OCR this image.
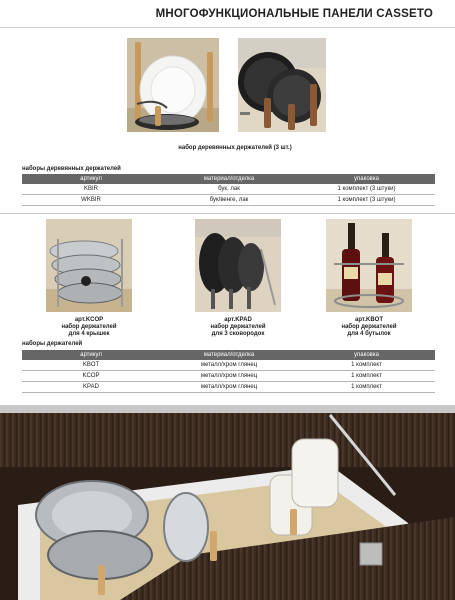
МНОГОФУНКЦИОНАЛЬНЫЕ ПАНЕЛИ CASSETO
набор деревянных держателей (3 шт.)
наборы деревянных держателей
артикул	материал/отделка	упаковка
KBIR	бук, лак	1 комплект (3 штуки)
WKBIR	бук/венге, лак	1 комплект (3 штуки)
арт.KCOP
набор держателей
для 4 крышек
арт.KPAD
набор держателей
для 3 сковородок
арт.KBOT
набор держателей
для 4 бутылок
наборы держателей
артикул	материал/отделка	упаковка
KBOT	металл/хром глянец	1 комплект
KCOP	металл/хром глянец	1 комплект
KPAD	металл/хром глянец	1 комплект
